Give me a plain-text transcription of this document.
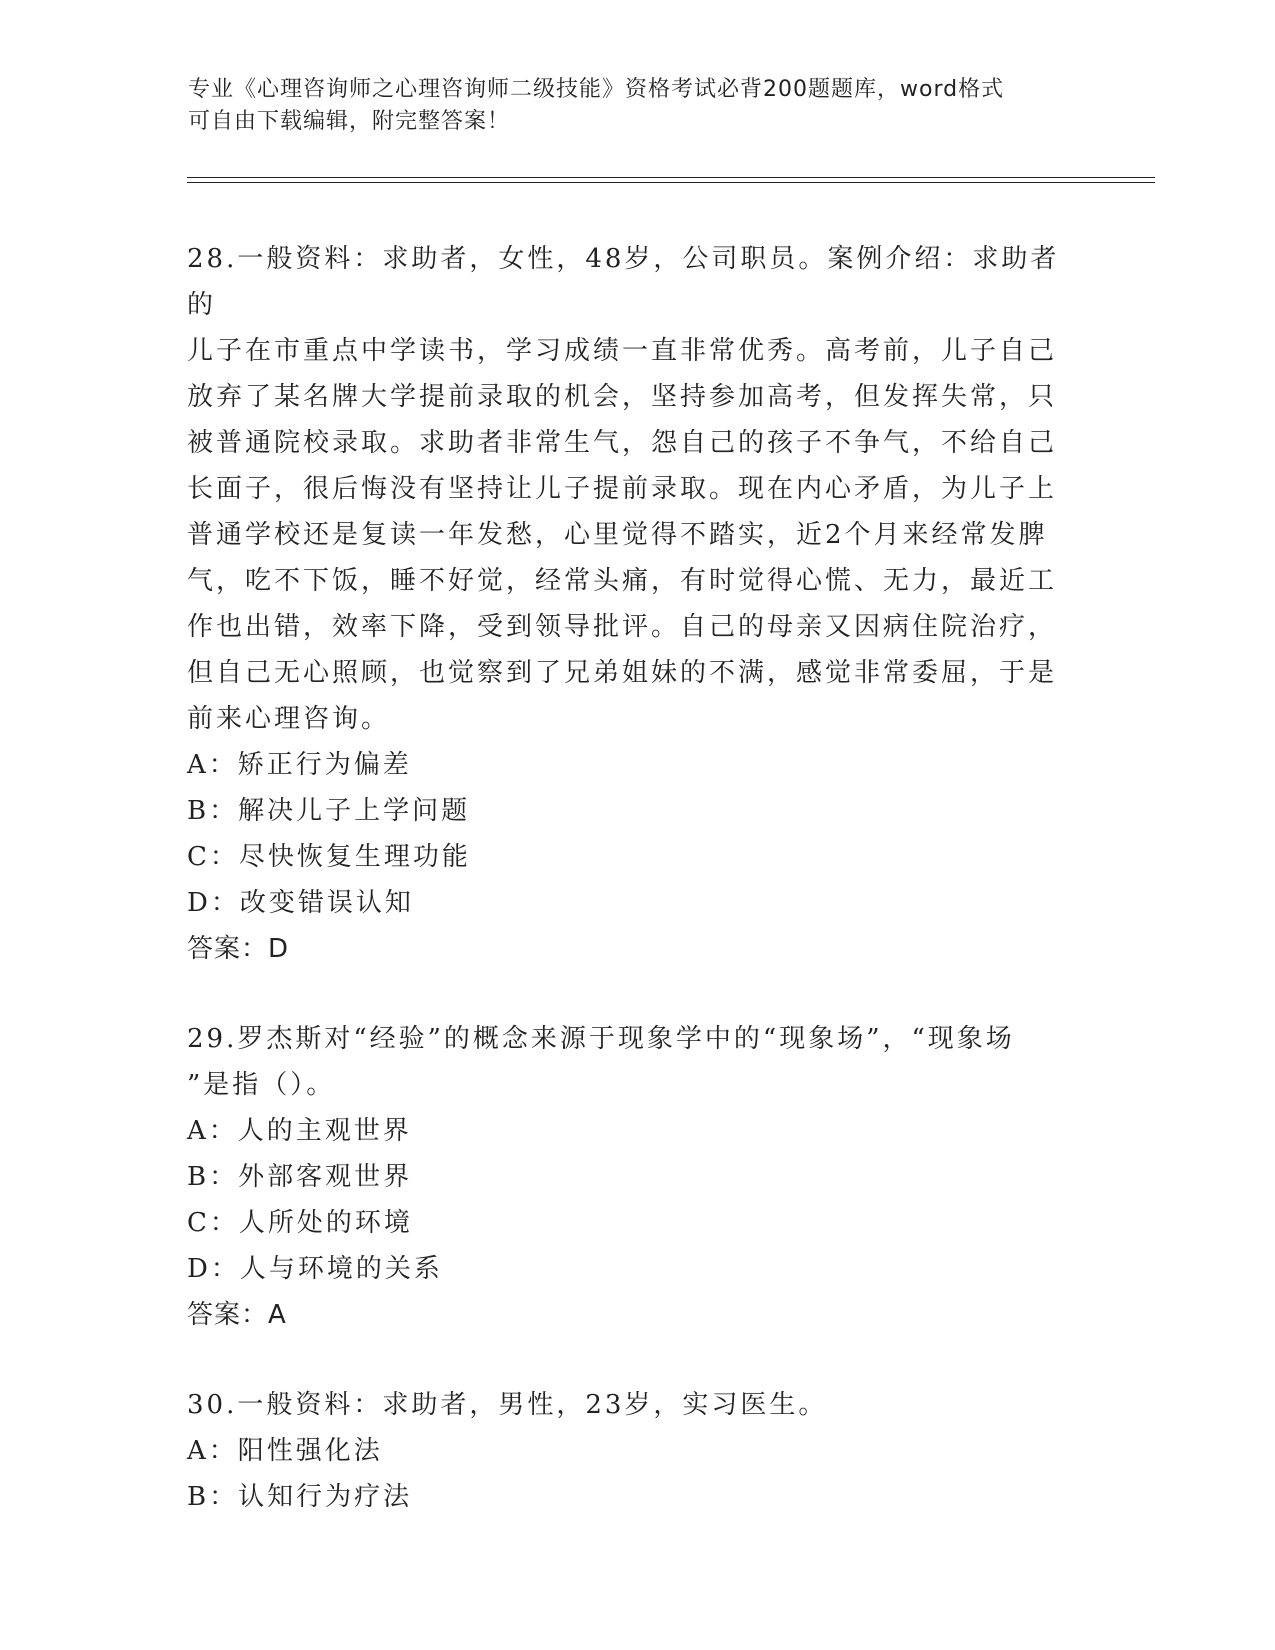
专业《心理咨询师之心理咨询师二级技能》资格考试必背200题题库，word格式

可自由下载编辑，附完整答案！

28.一般资料：求助者，女性，48岁，公司职员。案例介绍：求助者的

儿子在市重点中学读书，学习成绩一直非常优秀。高考前，儿子自己

放弃了某名牌大学提前录取的机会，坚持参加高考，但发挥失常，只

被普通院校录取。求助者非常生气，怨自己的孩子不争气，不给自己

长面子，很后悔没有坚持让儿子提前录取。现在内心矛盾，为儿子上

普通学校还是复读一年发愁，心里觉得不踏实，近2个月来经常发脾

气，吃不下饭，睡不好觉，经常头痛，有时觉得心慌、无力，最近工

作也出错，效率下降，受到领导批评。自己的母亲又因病住院治疗，

但自己无心照顾，也觉察到了兄弟姐妹的不满，感觉非常委屈，于是

前来心理咨询。

A：矫正行为偏差

B：解决儿子上学问题

C：尽快恢复生理功能

D：改变错误认知

答案：D

29.罗杰斯对“经验”的概念来源于现象学中的“现象场”，“现象场

”是指（）。

A：人的主观世界

B：外部客观世界

C：人所处的环境

D：人与环境的关系

答案：A

30.一般资料：求助者，男性，23岁，实习医生。

A：阳性强化法

B：认知行为疗法
